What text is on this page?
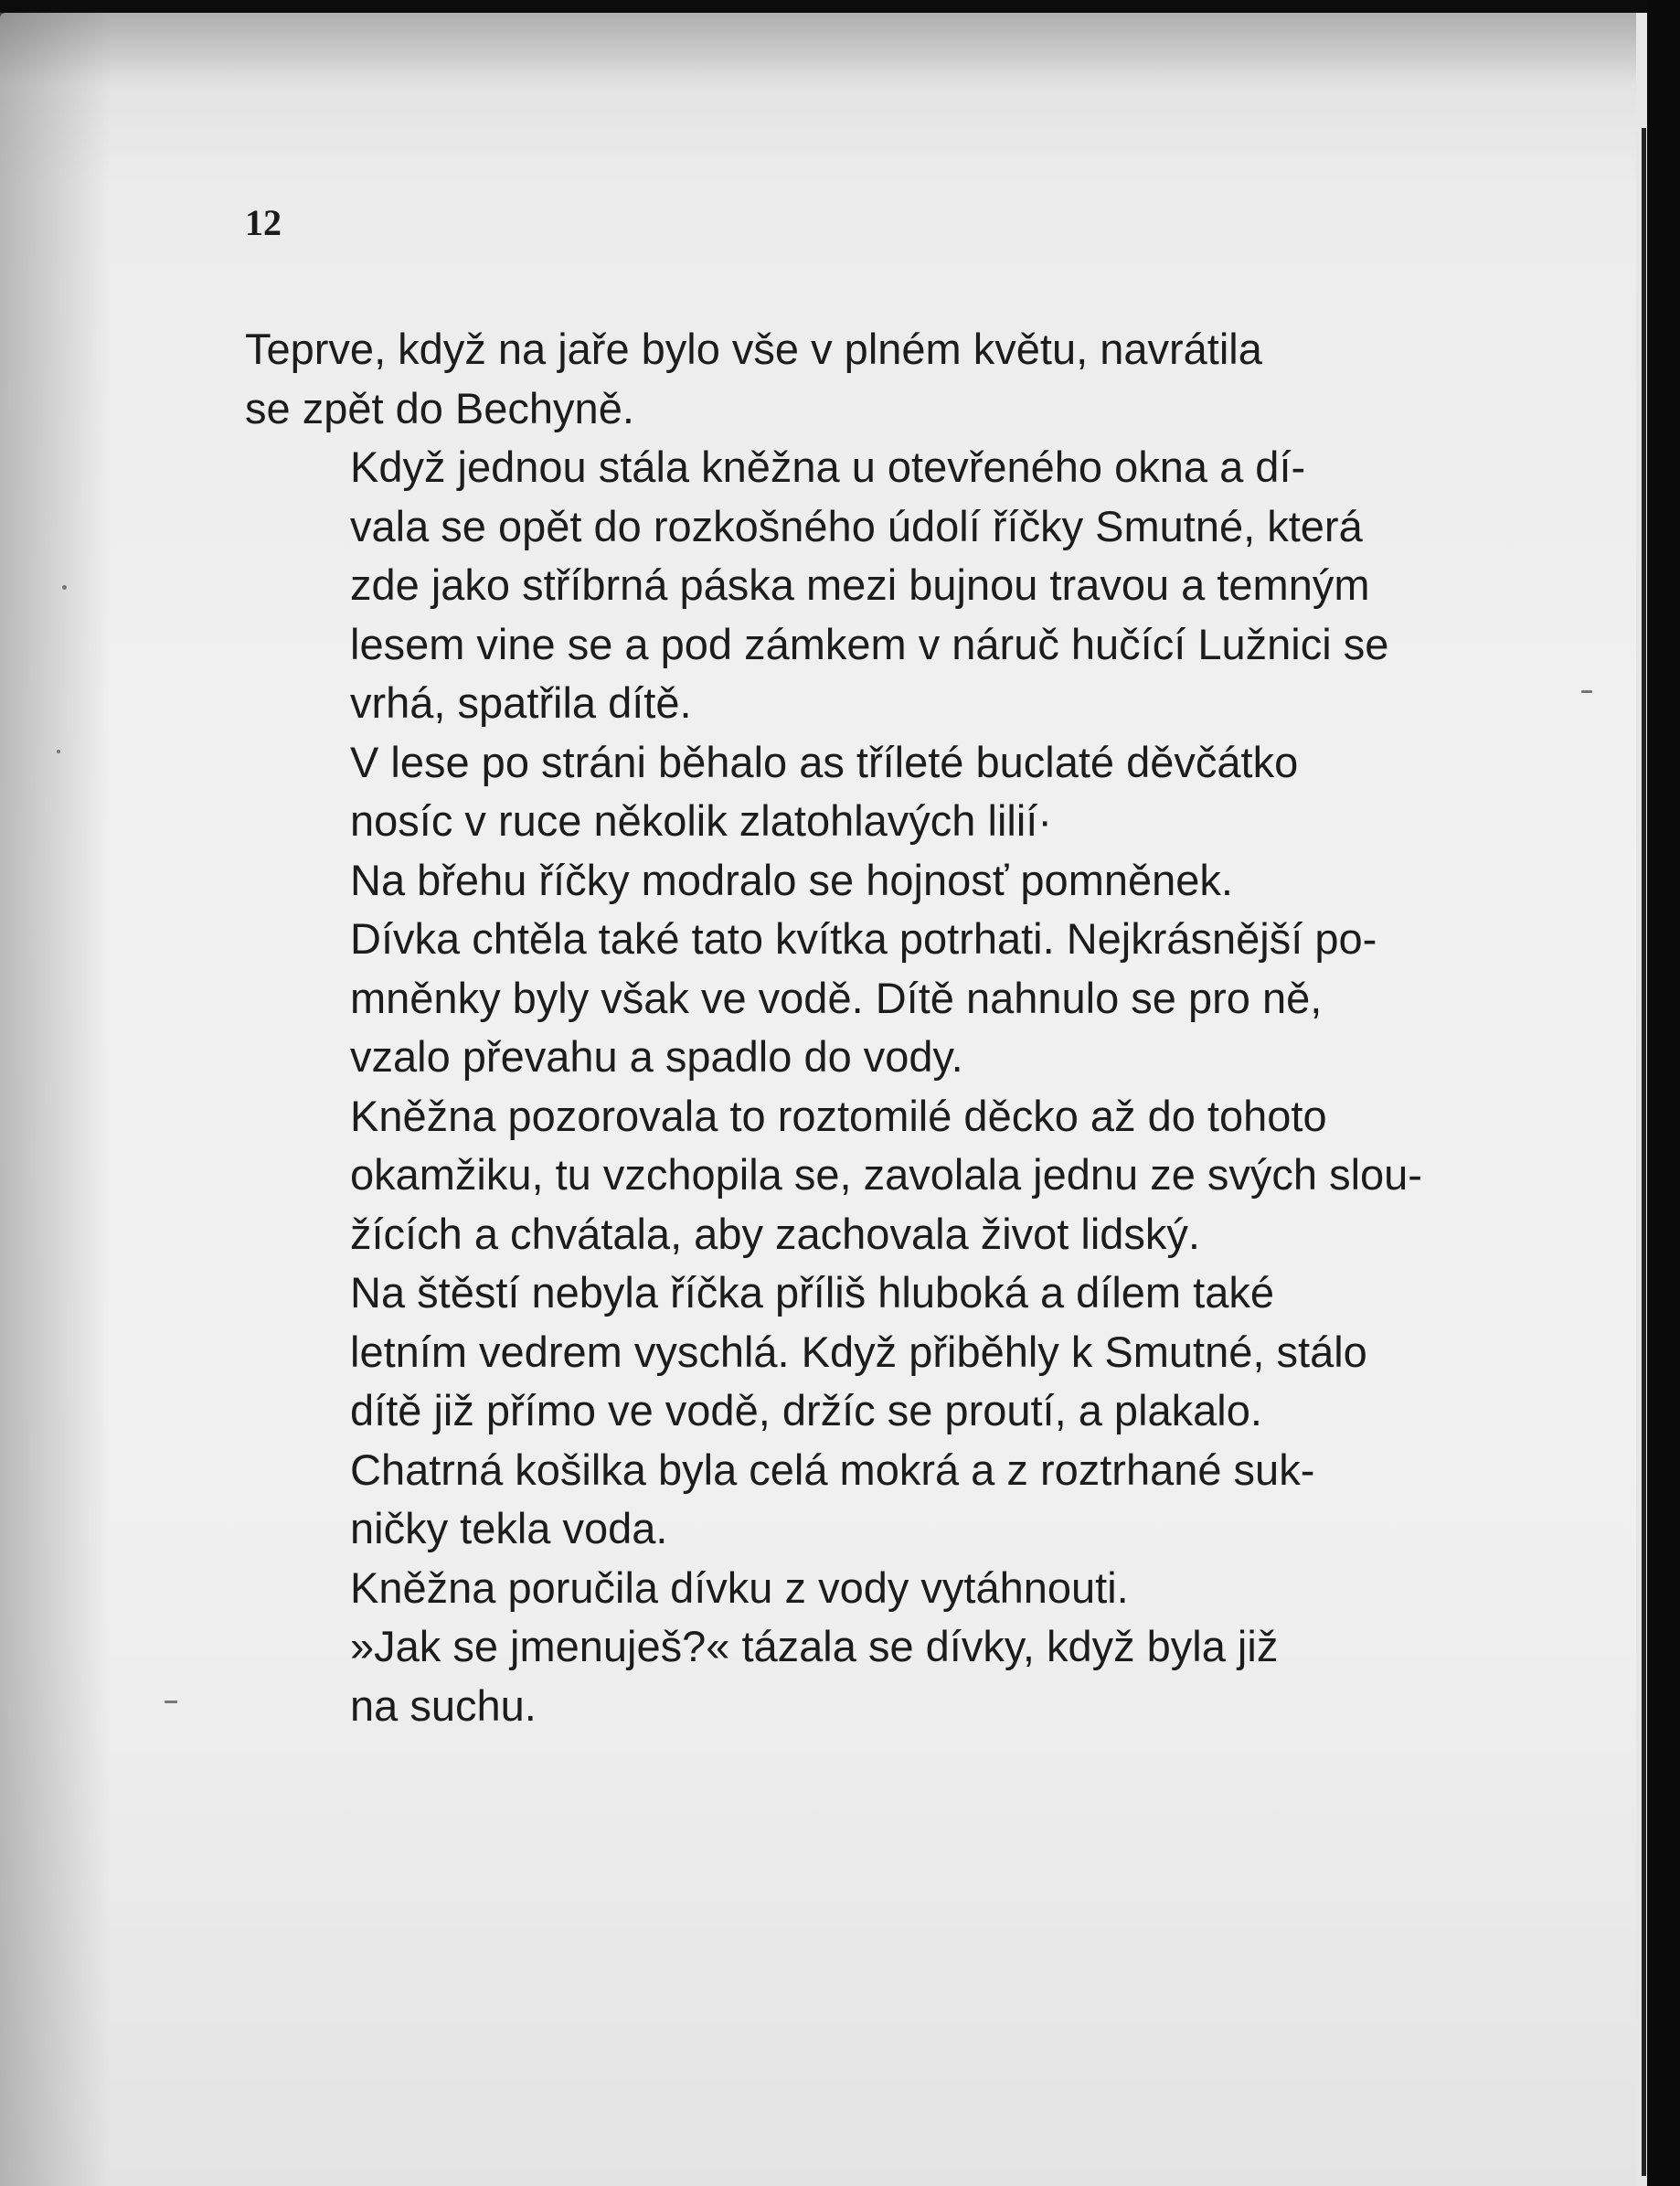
12

Teprve, když na jaře bylo vše v plném květu, navrátila
se zpět do Bechyně.

Když jednou stála kněžna u otevřeného okna a dí-
vala se opět do rozkošného údolí říčky Smutné, která
zde jako stříbrná páska mezi bujnou travou a temným
lesem vine se a pod zámkem v náruč hučící Lužnici se
vrhá, spatřila dítě.

V lese po stráni běhalo as tříleté buclaté děvčátko
nosíc v ruce několik zlatohlavých lilií·

Na břehu říčky modralo se hojnosť pomněnek.
Dívka chtěla také tato kvítka potrhati. Nejkrásnější po-
mněnky byly však ve vodě. Dítě nahnulo se pro ně,
vzalo převahu a spadlo do vody.

Kněžna pozorovala to roztomilé děcko až do tohoto
okamžiku, tu vzchopila se, zavolala jednu ze svých slou-
žících a chvátala, aby zachovala život lidský.

Na štěstí nebyla říčka příliš hluboká a dílem také
letním vedrem vyschlá. Když přiběhly k Smutné, stálo
dítě již přímo ve vodě, držíc se proutí, a plakalo.

Chatrná košilka byla celá mokrá a z roztrhané suk-
ničky tekla voda.

Kněžna poručila dívku z vody vytáhnouti.

»Jak se jmenuješ?« tázala se dívky, když byla již
na suchu.
